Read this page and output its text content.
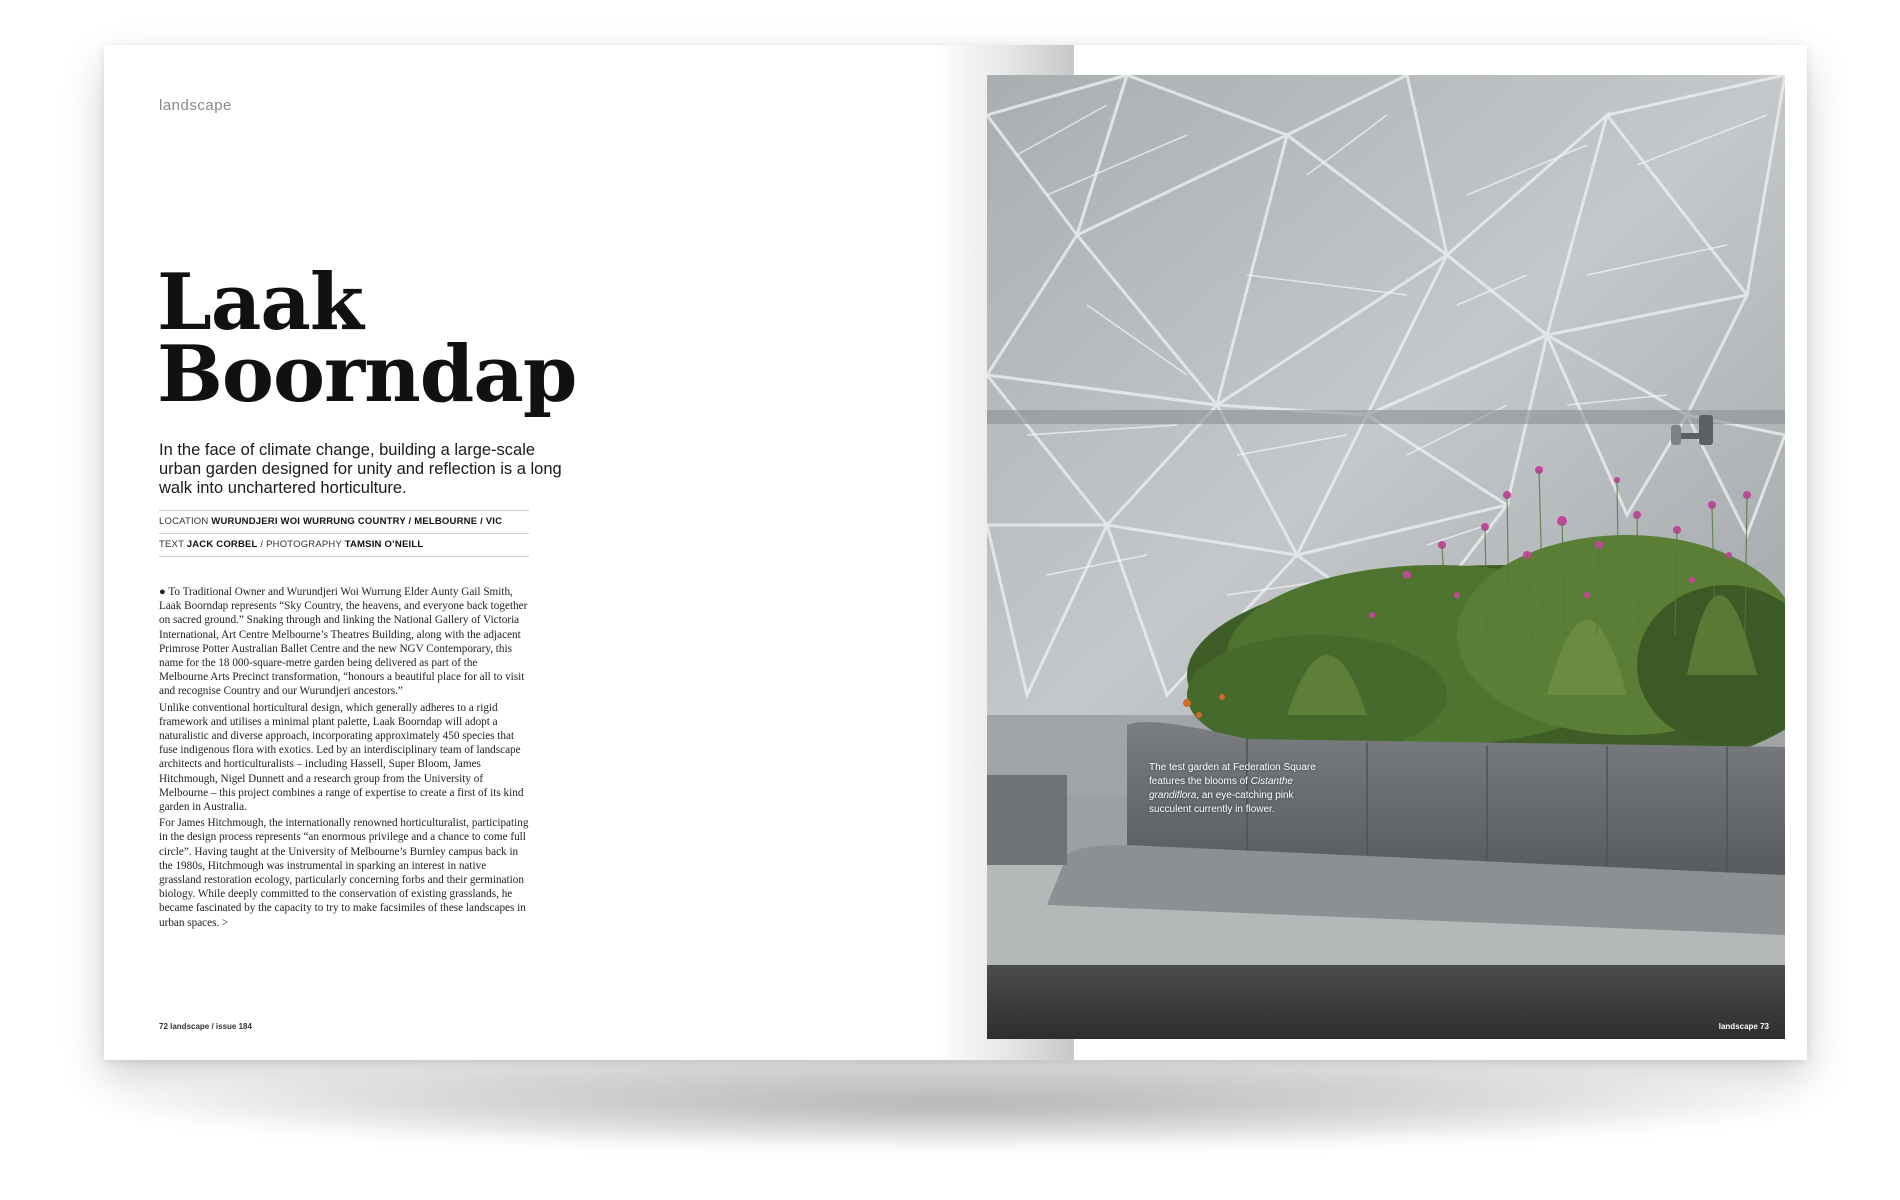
landscape
Laak
Boorndap
In the face of climate change, building a large-scale urban garden designed for unity and reflection is a long walk into unchartered horticulture.
LOCATION WURUNDJERI WOI WURRUNG COUNTRY / MELBOURNE / VIC
TEXT JACK CORBEL / PHOTOGRAPHY TAMSIN O’NEILL

● To Traditional Owner and Wurundjeri Woi Wurrung Elder Aunty Gail Smith, Laak Boorndap represents “Sky Country, the heavens, and everyone back together on sacred ground.” Snaking through and linking the National Gallery of Victoria International, Art Centre Melbourne’s Theatres Building, along with the adjacent Primrose Potter Australian Ballet Centre and the new NGV Contemporary, this name for the 18 000-square-metre garden being delivered as part of the Melbourne Arts Precinct transformation, “honours a beautiful place for all to visit and recognise Country and our Wurundjeri ancestors.”

Unlike conventional horticultural design, which generally adheres to a rigid framework and utilises a minimal plant palette, Laak Boorndap will adopt a naturalistic and diverse approach, incorporating approximately 450 species that fuse indigenous flora with exotics. Led by an interdisciplinary team of landscape architects and horticulturalists – including Hassell, Super Bloom, James Hitchmough, Nigel Dunnett and a research group from the University of Melbourne – this project combines a range of expertise to create a first of its kind garden in Australia.

For James Hitchmough, the internationally renowned horticulturalist, participating in the design process represents “an enormous privilege and a chance to come full circle”. Having taught at the University of Melbourne’s Burnley campus back in the 1980s, Hitchmough was instrumental in sparking an interest in native grassland restoration ecology, particularly concerning forbs and their germination biology. While deeply committed to the conservation of existing grasslands, he became fascinated by the capacity to try to make facsimiles of these landscapes in urban spaces. >

72 landscape / issue 184
The test garden at Federation Square features the blooms of Cistanthe grandiflora, an eye-catching pink succulent currently in flower.
landscape 73
